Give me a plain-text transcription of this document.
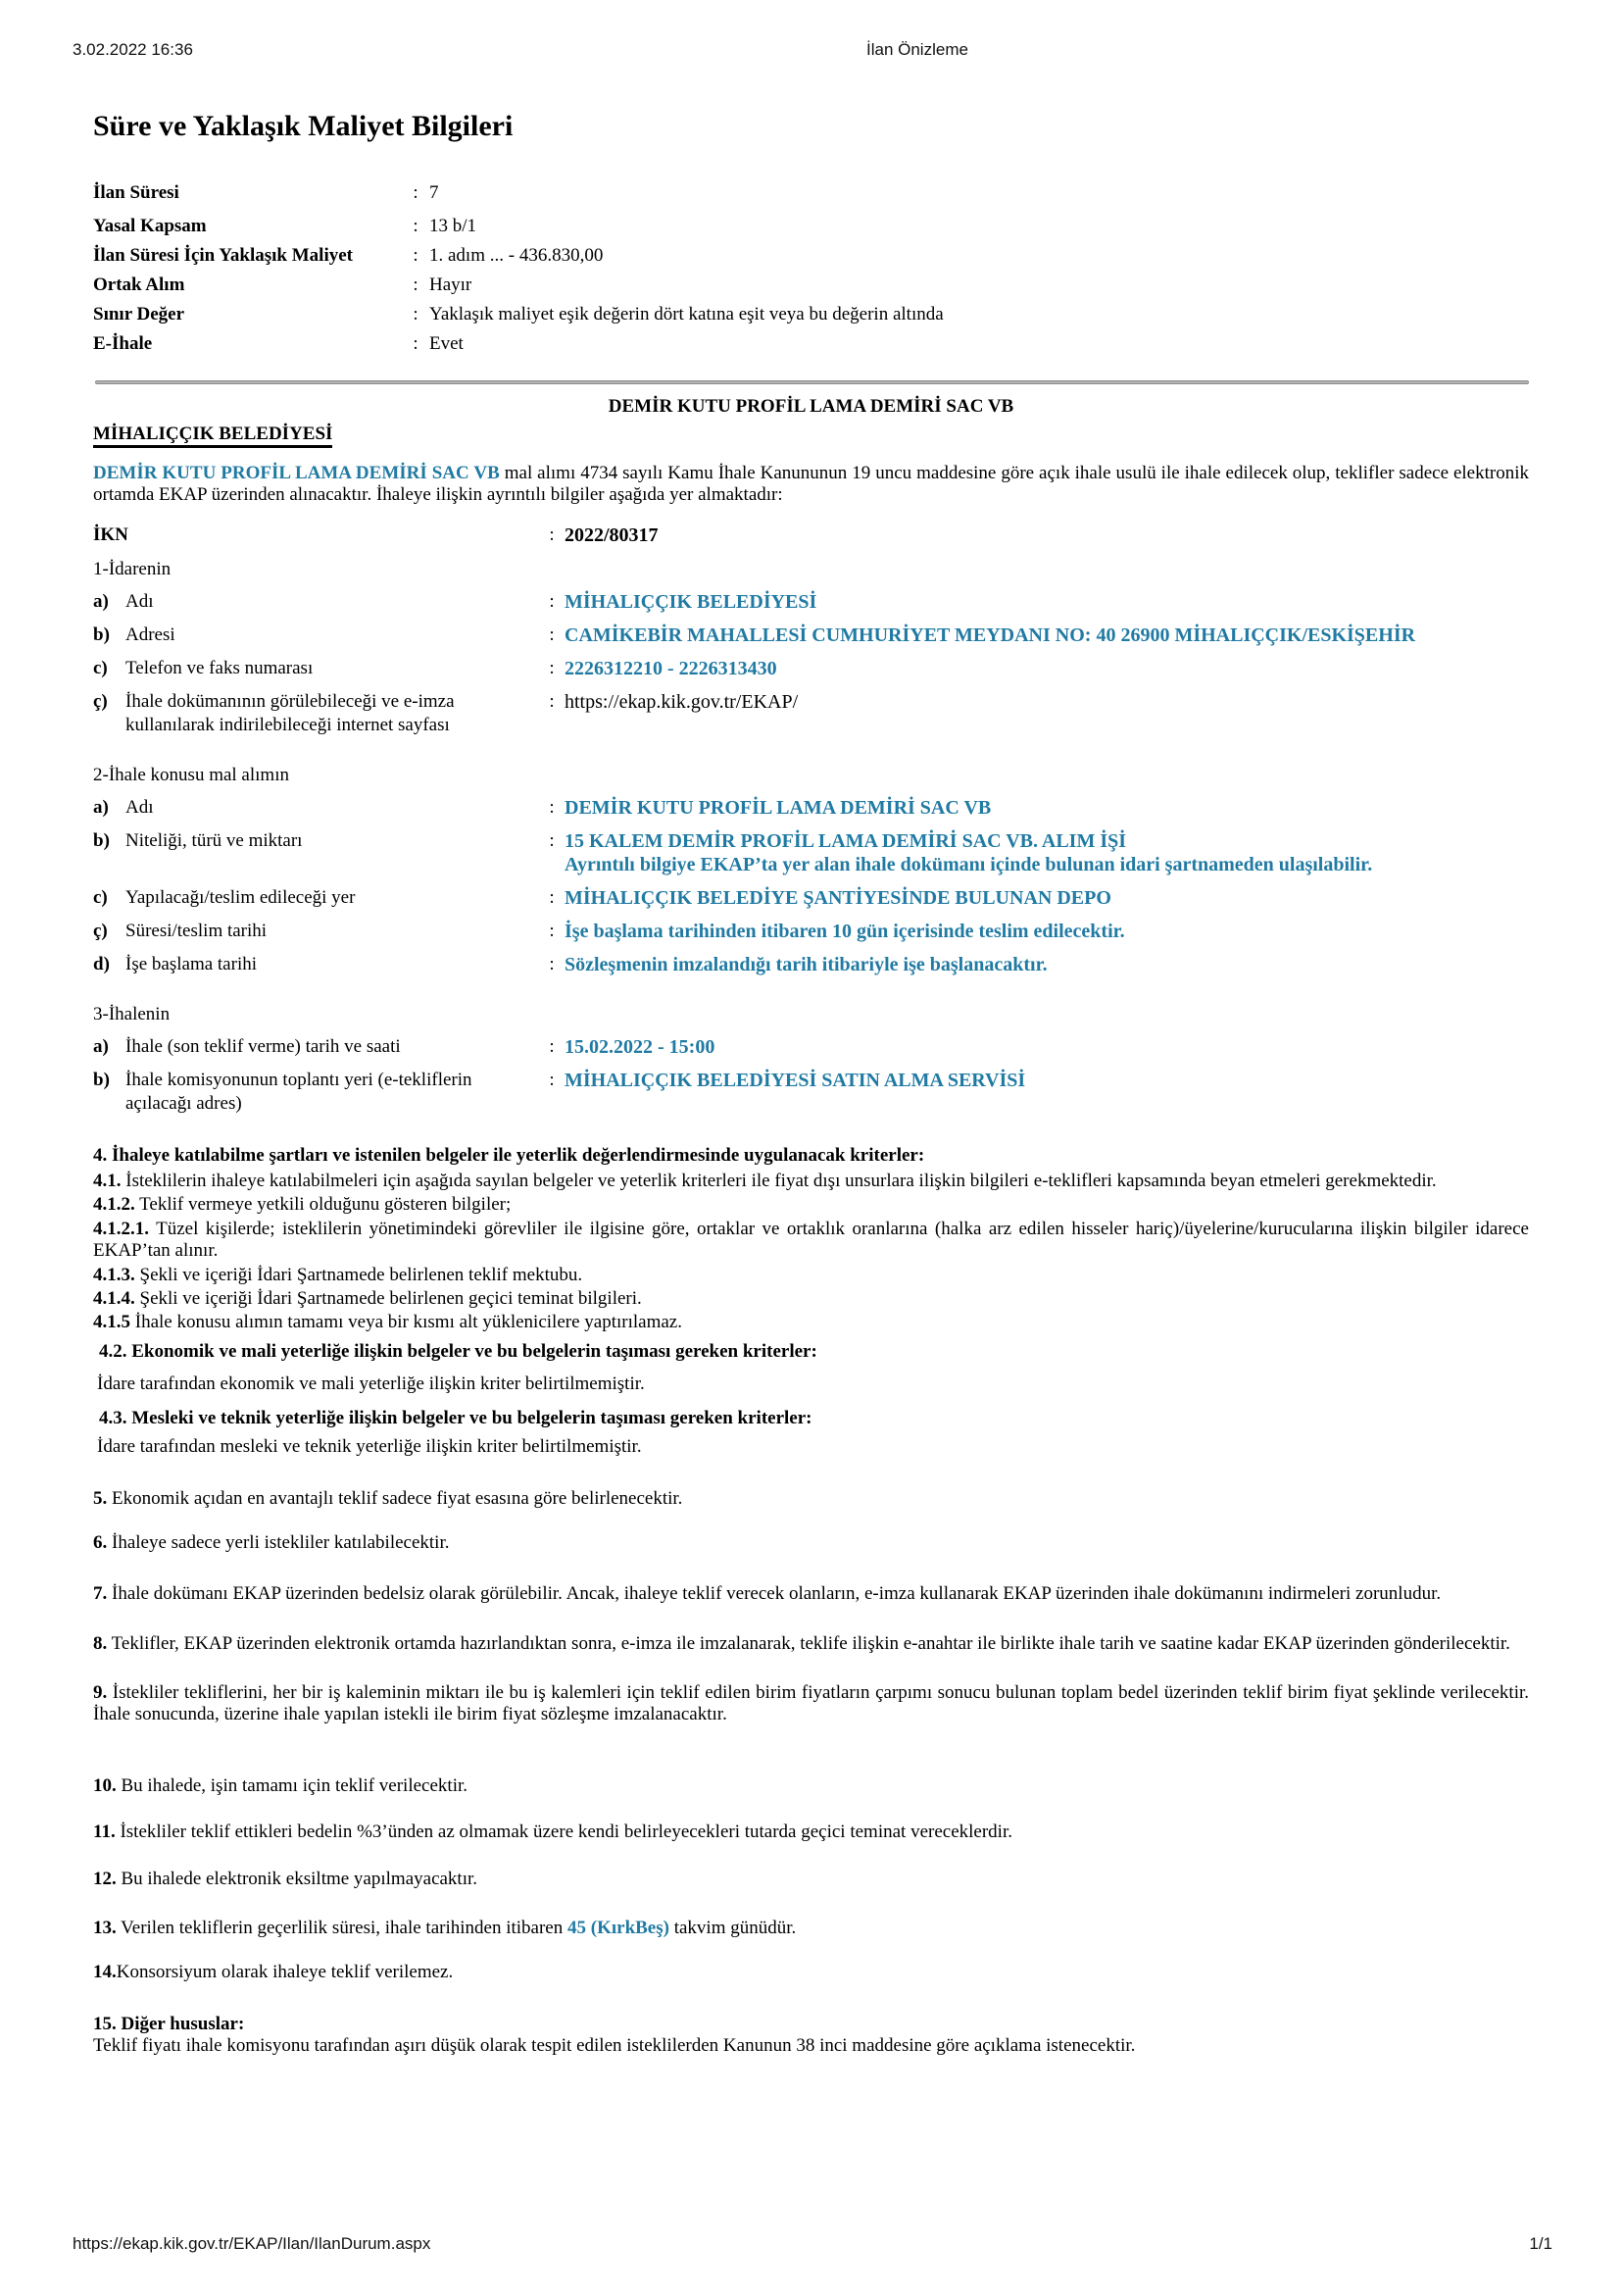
3.02.2022 16:36	İlan Önizleme
Süre ve Yaklaşık Maliyet Bilgileri
İlan Süresi	:	7
Yasal Kapsam	:	13 b/1
İlan Süresi İçin Yaklaşık Maliyet	:	1. adım ... - 436.830,00
Ortak Alım	:	Hayır
Sınır Değer	:	Yaklaşık maliyet eşik değerin dört katına eşit veya bu değerin altında
E-İhale	:	Evet
DEMİR KUTU PROFİL LAMA DEMİRİ SAC VB
MİHALIÇÇIK BELEDİYESİ

DEMİR KUTU PROFİL LAMA DEMİRİ SAC VB mal alımı 4734 sayılı Kamu İhale Kanununun 19 uncu maddesine göre açık ihale usulü ile ihale edilecek olup, teklifler sadece elektronik ortamda EKAP üzerinden alınacaktır. İhaleye ilişkin ayrıntılı bilgiler aşağıda yer almaktadır:

İKN	: 2022/80317
1-İdarenin
a) Adı	: MİHALIÇÇIK BELEDİYESİ
b) Adresi	: CAMİKEBİR MAHALLESİ CUMHURİYET MEYDANI NO: 40 26900 MİHALIÇÇIK/ESKİŞEHİR
c) Telefon ve faks numarası	: 2226312210 - 2226313430
ç) İhale dokümanının görülebileceği ve e-imza kullanılarak indirilebileceği internet sayfası
: https://ekap.kik.gov.tr/EKAP/
2-İhale konusu mal alımın
a) Adı	: DEMİR KUTU PROFİL LAMA DEMİRİ SAC VB
b) Niteliği, türü ve miktarı	: 15 KALEM DEMİR PROFİL LAMA DEMİRİ SAC VB. ALIM İŞİ
Ayrıntılı bilgiye EKAP’ta yer alan ihale dokümanı içinde bulunan idari şartnameden ulaşılabilir.
c) Yapılacağı/teslim edileceği yer	: MİHALIÇÇIK BELEDİYE ŞANTİYESİNDE BULUNAN DEPO
ç) Süresi/teslim tarihi	: İşe başlama tarihinden itibaren 10 gün içerisinde teslim edilecektir.
d) İşe başlama tarihi	: Sözleşmenin imzalandığı tarih itibariyle işe başlanacaktır.
3-İhalenin
a) İhale (son teklif verme) tarih ve saati	: 15.02.2022 - 15:00
b) İhale komisyonunun toplantı yeri (e-tekliflerin açılacağı adres)
: MİHALIÇÇIK BELEDİYESİ SATIN ALMA SERVİSİ

4. İhaleye katılabilme şartları ve istenilen belgeler ile yeterlik değerlendirmesinde uygulanacak kriterler:

4.1. İsteklilerin ihaleye katılabilmeleri için aşağıda sayılan belgeler ve yeterlik kriterleri ile fiyat dışı unsurlara ilişkin bilgileri e-teklifleri kapsamında beyan etmeleri gerekmektedir.

4.1.2. Teklif vermeye yetkili olduğunu gösteren bilgiler;

4.1.2.1. Tüzel kişilerde; isteklilerin yönetimindeki görevliler ile ilgisine göre, ortaklar ve ortaklık oranlarına (halka arz edilen hisseler hariç)/üyelerine/kurucularına ilişkin bilgiler idarece EKAP’tan alınır.

4.1.3. Şekli ve içeriği İdari Şartnamede belirlenen teklif mektubu.

4.1.4. Şekli ve içeriği İdari Şartnamede belirlenen geçici teminat bilgileri.

4.1.5 İhale konusu alımın tamamı veya bir kısmı alt yüklenicilere yaptırılamaz.

4.2. Ekonomik ve mali yeterliğe ilişkin belgeler ve bu belgelerin taşıması gereken kriterler:

İdare tarafından ekonomik ve mali yeterliğe ilişkin kriter belirtilmemiştir.

4.3. Mesleki ve teknik yeterliğe ilişkin belgeler ve bu belgelerin taşıması gereken kriterler:

İdare tarafından mesleki ve teknik yeterliğe ilişkin kriter belirtilmemiştir.

5. Ekonomik açıdan en avantajlı teklif sadece fiyat esasına göre belirlenecektir.

6. İhaleye sadece yerli istekliler katılabilecektir.

7. İhale dokümanı EKAP üzerinden bedelsiz olarak görülebilir. Ancak, ihaleye teklif verecek olanların, e-imza kullanarak EKAP üzerinden ihale dokümanını indirmeleri zorunludur.

8. Teklifler, EKAP üzerinden elektronik ortamda hazırlandıktan sonra, e-imza ile imzalanarak, teklife ilişkin e-anahtar ile birlikte ihale tarih ve saatine kadar EKAP üzerinden gönderilecektir.

9. İstekliler tekliflerini, her bir iş kaleminin miktarı ile bu iş kalemleri için teklif edilen birim fiyatların çarpımı sonucu bulunan toplam bedel üzerinden teklif birim fiyat şeklinde verilecektir. İhale sonucunda, üzerine ihale yapılan istekli ile birim fiyat sözleşme imzalanacaktır.

10. Bu ihalede, işin tamamı için teklif verilecektir.

11. İstekliler teklif ettikleri bedelin %3’ünden az olmamak üzere kendi belirleyecekleri tutarda geçici teminat vereceklerdir.

12. Bu ihalede elektronik eksiltme yapılmayacaktır.

13. Verilen tekliflerin geçerlilik süresi, ihale tarihinden itibaren 45 (KırkBeş) takvim günüdür.

14.Konsorsiyum olarak ihaleye teklif verilemez.

15. Diğer hususlar:

Teklif fiyatı ihale komisyonu tarafından aşırı düşük olarak tespit edilen isteklilerden Kanunun 38 inci maddesine göre açıklama istenecektir.

https://ekap.kik.gov.tr/EKAP/Ilan/IlanDurum.aspx	1/1
